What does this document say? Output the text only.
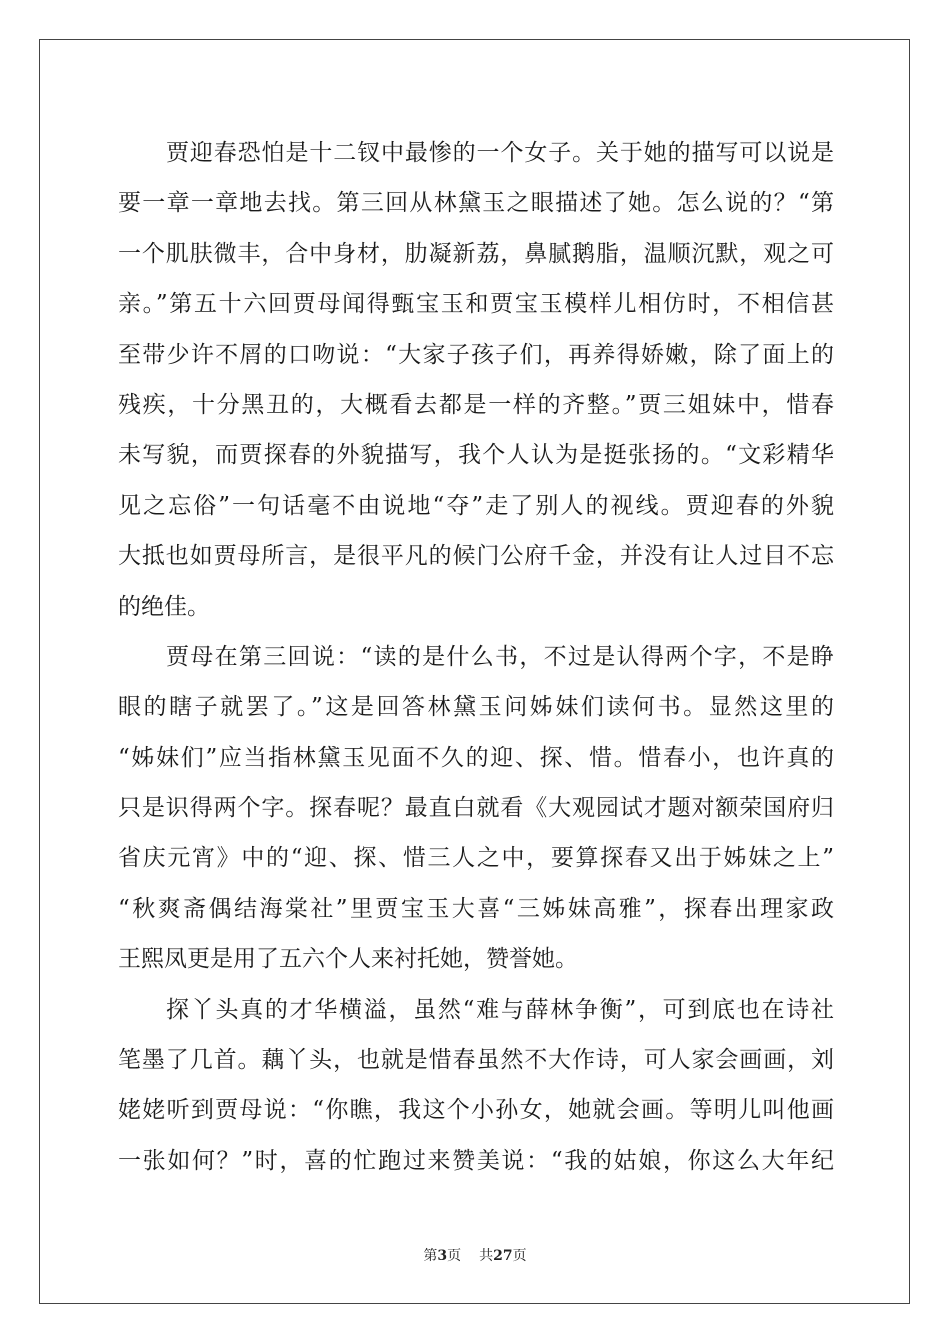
贾迎春恐怕是十二钗中最惨的一个女子。关于她的描写可以说是
要一章一章地去找。第三回从林黛玉之眼描述了她。怎么说的？“第
一个肌肤微丰，合中身材，肋凝新荔，鼻腻鹅脂，温顺沉默，观之可
亲。”第五十六回贾母闻得甄宝玉和贾宝玉模样儿相仿时，不相信甚
至带少许不屑的口吻说：“大家子孩子们，再养得娇嫩，除了面上的
残疾，十分黑丑的，大概看去都是一样的齐整。”贾三姐妹中，惜春
未写貌，而贾探春的外貌描写，我个人认为是挺张扬的。“文彩精华
见之忘俗”一句话毫不由说地“夺”走了别人的视线。贾迎春的外貌
大抵也如贾母所言，是很平凡的候门公府千金，并没有让人过目不忘
的绝佳。
贾母在第三回说：“读的是什么书，不过是认得两个字，不是睁
眼的瞎子就罢了。”这是回答林黛玉问姊妹们读何书。显然这里的
“姊妹们”应当指林黛玉见面不久的迎、探、惜。惜春小，也许真的
只是识得两个字。探春呢？最直白就看《大观园试才题对额荣国府归
省庆元宵》中的“迎、探、惜三人之中，要算探春又出于姊妹之上”
“秋爽斋偶结海棠社”里贾宝玉大喜“三姊妹高雅”，探春出理家政
王熙凤更是用了五六个人来衬托她，赞誉她。
探丫头真的才华横溢，虽然“难与薛林争衡”，可到底也在诗社
笔墨了几首。藕丫头，也就是惜春虽然不大作诗，可人家会画画，刘
姥姥听到贾母说：“你瞧，我这个小孙女，她就会画。等明儿叫他画
一张如何？”时，喜的忙跑过来赞美说：“我的姑娘，你这么大年纪
第3页 共27页
